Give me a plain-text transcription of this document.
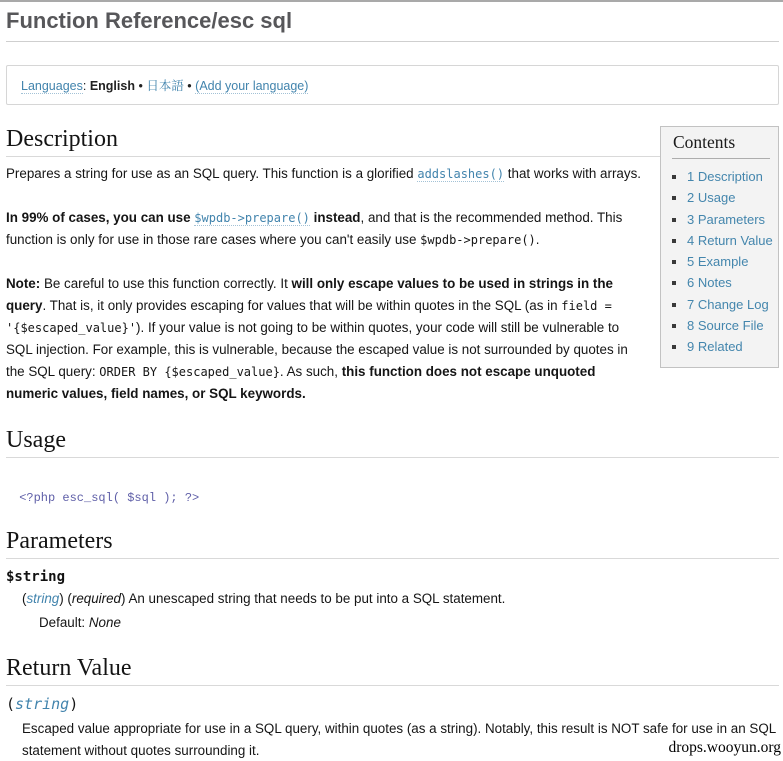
Function Reference/esc sql
Languages: English • 日本語 • (Add your language)
Contents
▪ 1 Description
▪ 2 Usage
▪ 3 Parameters
▪ 4 Return Value
▪ 5 Example
▪ 6 Notes
▪ 7 Change Log
▪ 8 Source File
▪ 9 Related
Description

Prepares a string for use as an SQL query. This function is a glorified addslashes() that works with arrays.

In 99% of cases, you can use $wpdb->prepare() instead, and that is the recommended method. This function is only for use in those rare cases where you can't easily use $wpdb->prepare().

Note: Be careful to use this function correctly. It will only escape values to be used in strings in the query. That is, it only provides escaping for values that will be within quotes in the SQL (as in field = '{$escaped_value}'). If your value is not going to be within quotes, your code will still be vulnerable to SQL injection. For example, this is vulnerable, because the escaped value is not surrounded by quotes in the SQL query: ORDER BY {$escaped_value}. As such, this function does not escape unquoted numeric values, field names, or SQL keywords.

Usage
<?php esc_sql( $sql ); ?>
Parameters
$string
(string) (required) An unescaped string that needs to be put into a SQL statement.
Default: None
Return Value
(string)
Escaped value appropriate for use in a SQL query, within quotes (as a string). Notably, this result is NOT safe for use in an SQL statement without quotes surrounding it.	drops.wooyun.org
